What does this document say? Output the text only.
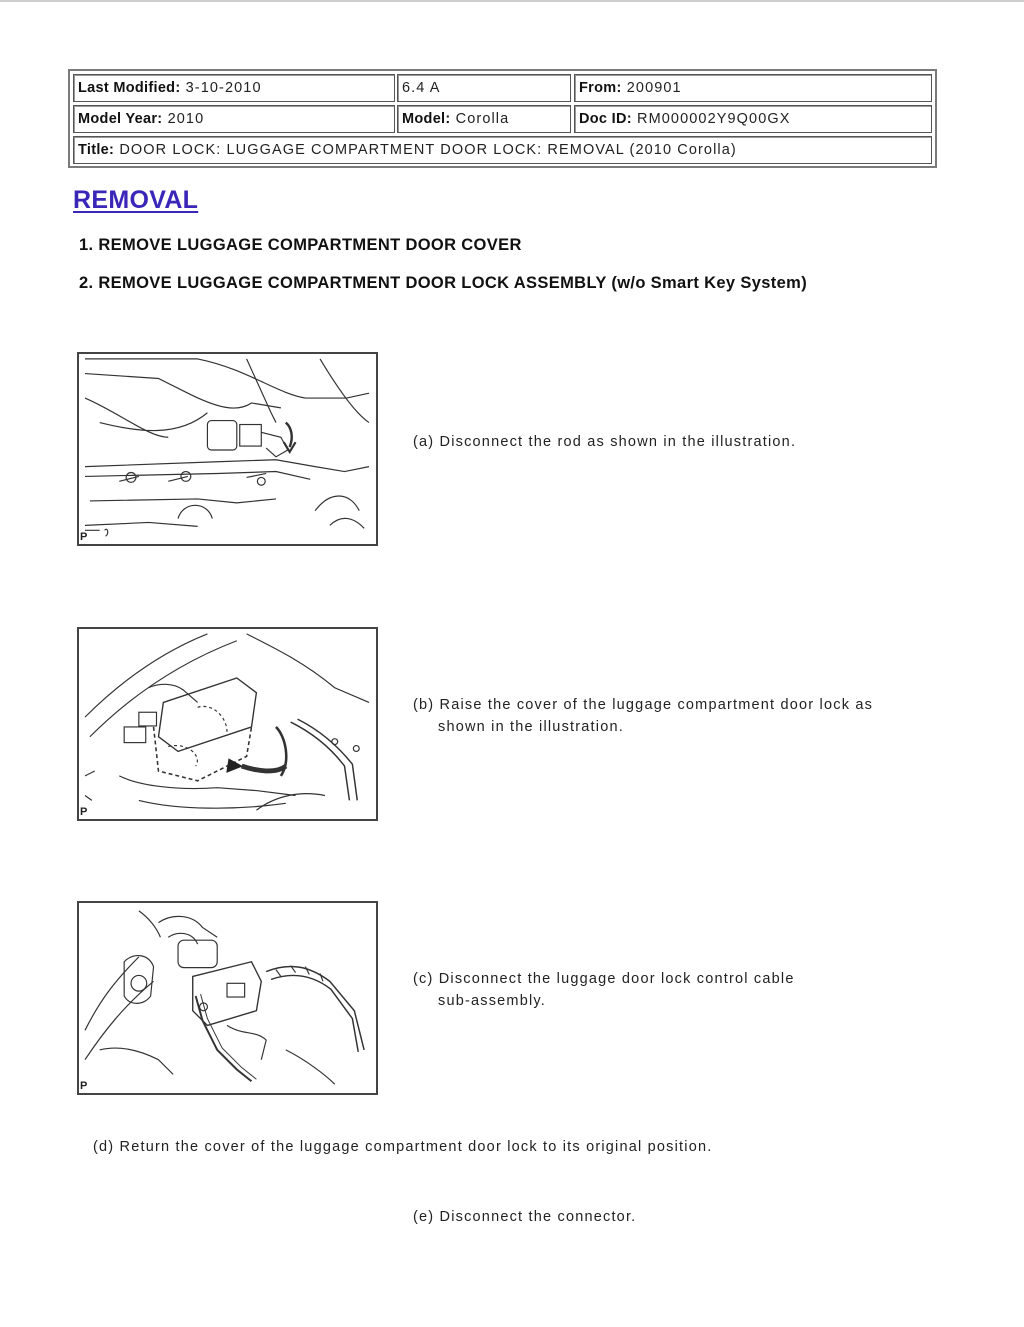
Last Modified: 3-10-2010	6.4 A	From: 200901
Model Year: 2010	Model: Corolla	Doc ID: RM000002Y9Q00GX
Title: DOOR LOCK: LUGGAGE COMPARTMENT DOOR LOCK: REMOVAL (2010 Corolla)
REMOVAL
1. REMOVE LUGGAGE COMPARTMENT DOOR COVER
2. REMOVE LUGGAGE COMPARTMENT DOOR LOCK ASSEMBLY (w/o Smart Key System)
P
(a) Disconnect the rod as shown in the illustration.
P
(b) Raise the cover of the luggage compartment door lock as
shown in the illustration.
P
(c) Disconnect the luggage door lock control cable
sub-assembly.
(d) Return the cover of the luggage compartment door lock to its original position.
(e) Disconnect the connector.
